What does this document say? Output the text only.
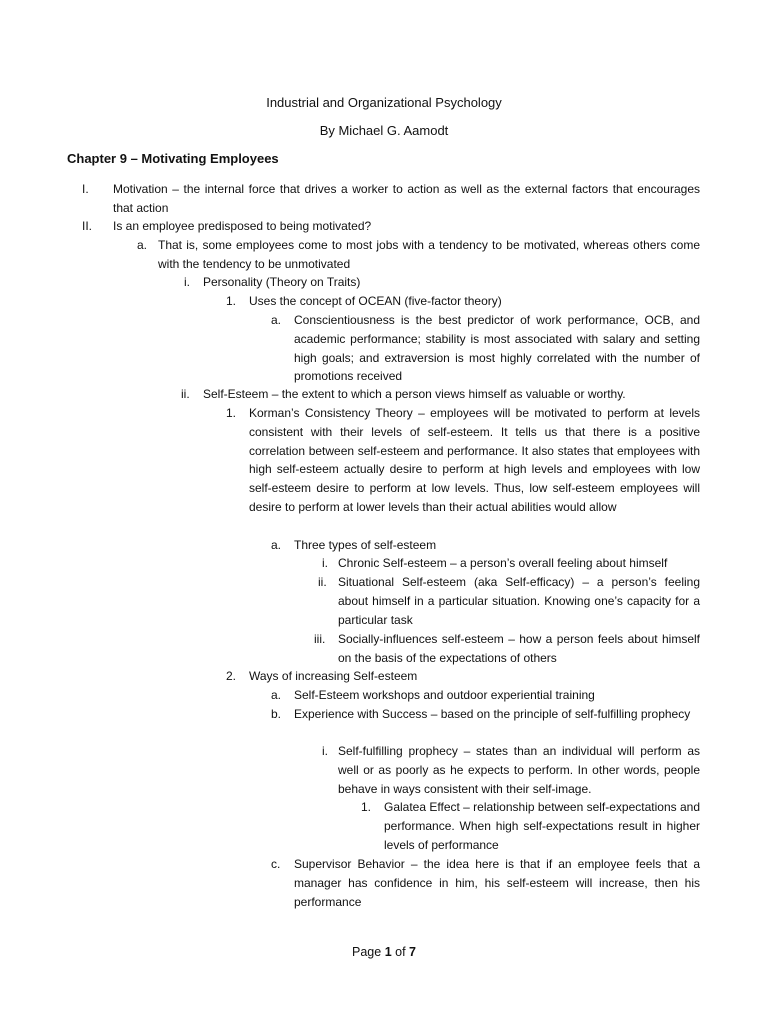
Industrial and Organizational Psychology
By Michael G. Aamodt
Chapter 9 – Motivating Employees
I. Motivation – the internal force that drives a worker to action as well as the external factors that encourages that action
II. Is an employee predisposed to being motivated?
a. That is, some employees come to most jobs with a tendency to be motivated, whereas others come with the tendency to be unmotivated
i. Personality (Theory on Traits)
1. Uses the concept of OCEAN (five-factor theory)
a. Conscientiousness is the best predictor of work performance, OCB, and academic performance; stability is most associated with salary and setting high goals; and extraversion is most highly correlated with the number of promotions received
ii. Self-Esteem – the extent to which a person views himself as valuable or worthy.
1. Korman’s Consistency Theory – employees will be motivated to perform at levels consistent with their levels of self-esteem. It tells us that there is a positive correlation between self-esteem and performance. It also states that employees with high self-esteem actually desire to perform at high levels and employees with low self-esteem desire to perform at low levels. Thus, low self-esteem employees will desire to perform at lower levels than their actual abilities would allow
a. Three types of self-esteem
i. Chronic Self-esteem – a person’s overall feeling about himself
ii. Situational Self-esteem (aka Self-efficacy) – a person’s feeling about himself in a particular situation. Knowing one’s capacity for a particular task
iii. Socially-influences self-esteem – how a person feels about himself on the basis of the expectations of others
2. Ways of increasing Self-esteem
a. Self-Esteem workshops and outdoor experiential training
b. Experience with Success – based on the principle of self-fulfilling prophecy
i. Self-fulfilling prophecy – states than an individual will perform as well or as poorly as he expects to perform. In other words, people behave in ways consistent with their self-image.
1. Galatea Effect – relationship between self-expectations and performance. When high self-expectations result in higher levels of performance
c. Supervisor Behavior – the idea here is that if an employee feels that a manager has confidence in him, his self-esteem will increase, then his performance
Page 1 of 7
